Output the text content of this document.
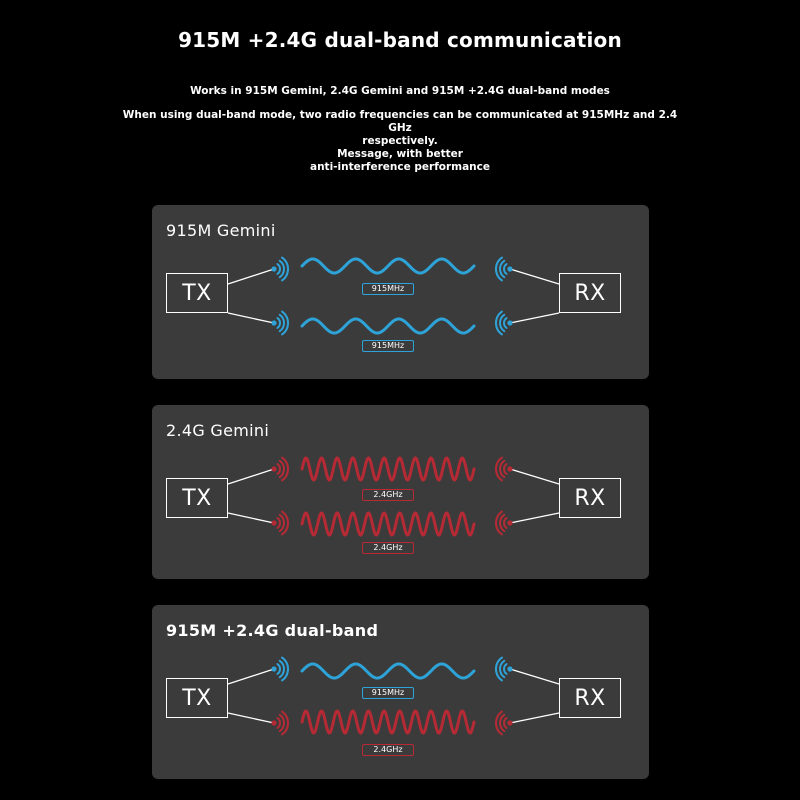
915M +2.4G dual-band communication
Works in 915M Gemini, 2.4G Gemini and 915M +2.4G dual-band modes
When using dual-band mode, two radio frequencies can be communicated at 915MHz and 2.4 GHz
respectively.
Message, with better
anti-interference performance
915M Gemini
TX	RX
915MHz
915MHz
2.4G Gemini
TX	RX
2.4GHz
2.4GHz
915M +2.4G dual-band
TX	RX
915MHz
2.4GHz
